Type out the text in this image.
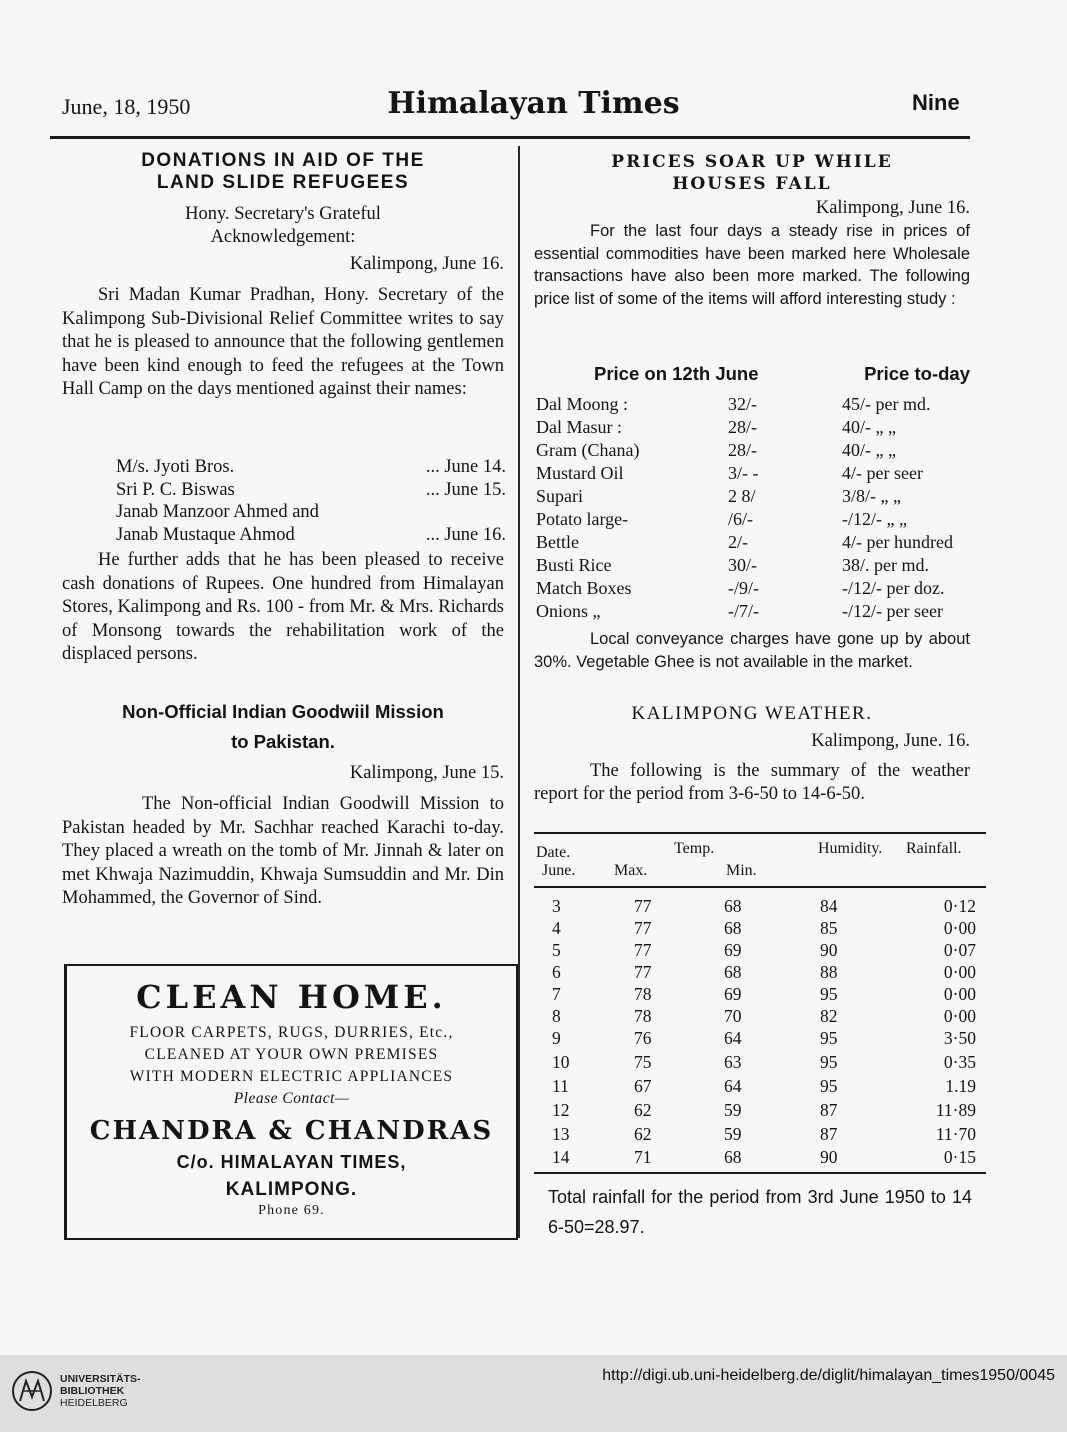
June, 18, 1950	Himalayan Times	Nine
DONATIONS IN AID OF THE
LAND SLIDE REFUGEES
Hony. Secretary's Grateful
Acknowledgement:
Kalimpong, June 16.
Sri Madan Kumar Pradhan, Hony. Secretary of the Kalimpong Sub-Divisional Relief Committee writes to say that he is pleased to announce that the following gentlemen have been kind enough to feed the refugees at the Town Hall Camp on the days mentioned against their names:
M/s. Jyoti Bros.	... June 14.
Sri P. C. Biswas	... June 15.
Janab Manzoor Ahmed and
Janab Mustaque Ahmod	... June 16.
He further adds that he has been pleased to receive cash donations of Rupees. One hundred from Himalayan Stores, Kalimpong and Rs. 100 - from Mr. & Mrs. Richards of Monsong towards the rehabilitation work of the displaced persons.
Non-Official Indian Goodwiil Mission
to Pakistan.
Kalimpong, June 15.
The Non-official Indian Goodwill Mission to Pakistan headed by Mr. Sachhar reached Karachi to-day. They placed a wreath on the tomb of Mr. Jinnah & later on met Khwaja Nazimuddin, Khwaja Sumsuddin and Mr. Din Mohammed, the Governor of Sind.
CLEAN HOME.
FLOOR CARPETS, RUGS, DURRIES, Etc.,
CLEANED AT YOUR OWN PREMISES
WITH MODERN ELECTRIC APPLIANCES
Please Contact—
CHANDRA & CHANDRAS
C/o. HIMALAYAN TIMES,
KALIMPONG.
Phone 69.
PRICES SOAR UP WHILE
HOUSES FALL
Kalimpong, June 16.
For the last four days a steady rise in prices of essential commodities have been marked here Wholesale transactions have also been more marked. The following price list of some of the items will afford interesting study :
Price on 12th June	Price to-day
Dal Moong :	32/-	45/- per md.
Dal Masur :	28/-	40/- „ „
Gram (Chana)	28/-	40/- „ „
Mustard Oil	3/- -	4/- per seer
Supari	2 8/	3/8/- „ „
Potato large-	/6/-	-/12/- „ „
Bettle	2/-	4/- per hundred
Busti Rice	30/-	38/. per md.
Match Boxes	-/9/-	-/12/- per doz.
Onions „	-/7/-	-/12/- per seer
Local conveyance charges have gone up by about 30%. Vegetable Ghee is not available in the market.
KALIMPONG WEATHER.
Kalimpong, June. 16.
The following is the summary of the weather report for the period from 3-6-50 to 14-6-50.
Date.	Temp.	Humidity. Rainfall.
June. Max.	Min.
3	77	68	84	0·12
4	77	68	85	0·00
5	77	69	90	0·07
6	77	68	88	0·00
7	78	69	95	0·00
8	78	70	82	0·00
9	76	64	95	3·50
10	75	63	95	0·35
11	67	64	95	1.19
12	62	59	87	11·89
13	62	59	87	11·70
14	71	68	90	0·15
Total rainfall for the period from 3rd June 1950 to 14 6-50=28.97.
UNIVERSITÄTS-
BIBLIOTHEK
HEIDELBERG
http://digi.ub.uni-heidelberg.de/diglit/himalayan_times1950/0045
